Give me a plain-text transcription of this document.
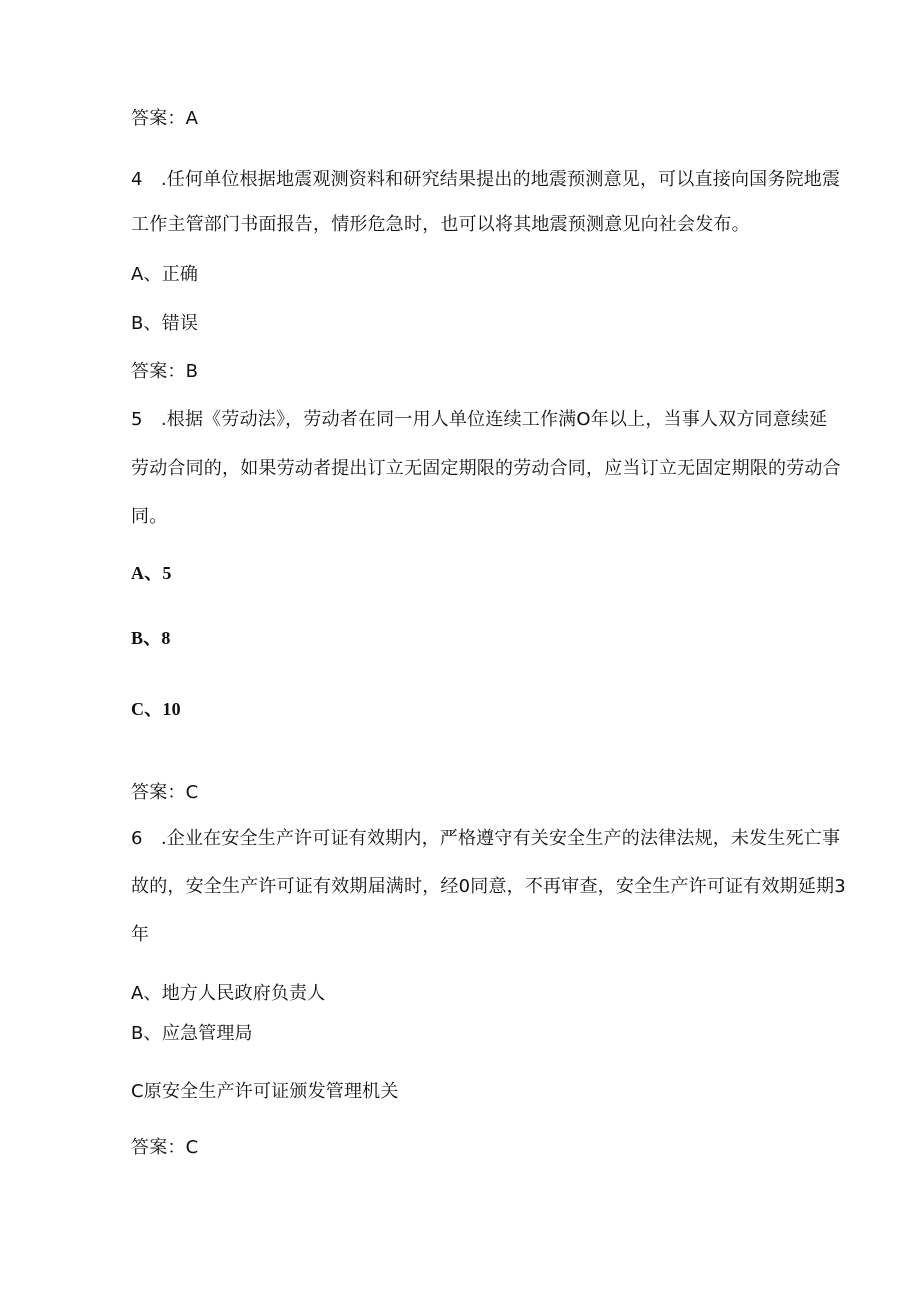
答案：A
4　.任何单位根据地震观测资料和研究结果提出的地震预测意见，可以直接向国务院地震
工作主管部门书面报告，情形危急时，也可以将其地震预测意见向社会发布。
A、正确
B、错误
答案：B
5　.根据《劳动法》，劳动者在同一用人单位连续工作满O年以上，当事人双方同意续延
劳动合同的，如果劳动者提出订立无固定期限的劳动合同，应当订立无固定期限的劳动合
同。
A、5
B、8
C、10
答案：C
6　.企业在安全生产许可证有效期内，严格遵守有关安全生产的法律法规，未发生死亡事
故的，安全生产许可证有效期届满时，经0同意，不再审查，安全生产许可证有效期延期3
年
A、地方人民政府负责人
B、应急管理局
C原安全生产许可证颁发管理机关
答案：C
